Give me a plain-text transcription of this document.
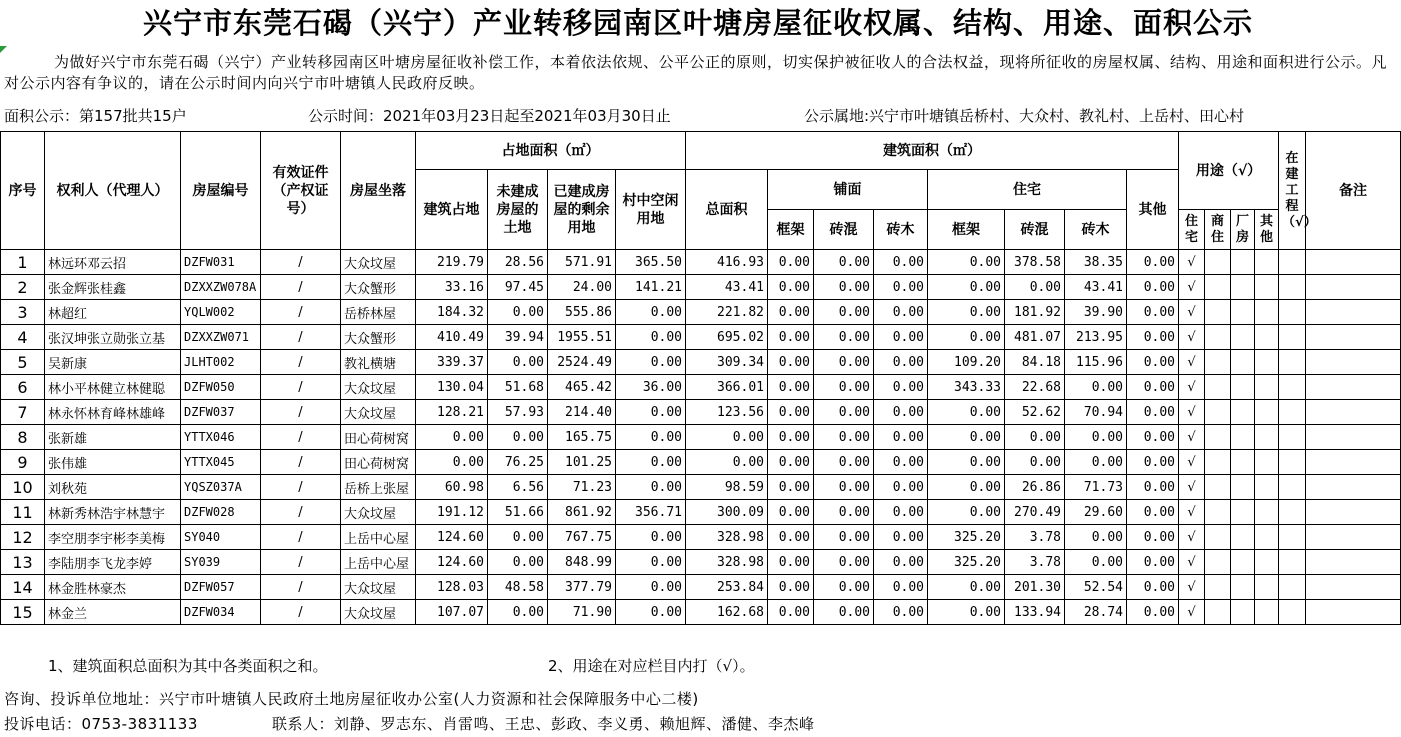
兴宁市东莞石碣（兴宁）产业转移园南区叶塘房屋征收权属、结构、用途、面积公示
为做好兴宁市东莞石碣（兴宁）产业转移园南区叶塘房屋征收补偿工作，本着依法依规、公平公正的原则，切实保护被征收人的合法权益，现将所征收的房屋权属、结构、用途和面积进行公示。凡对公示内容有争议的，请在公示时间内向兴宁市叶塘镇人民政府反映。
面积公示：第157批共15户	公示时间：2021年03月23日起至2021年03月30日止	公示属地:兴宁市叶塘镇岳桥村、大众村、教礼村、上岳村、田心村
序号	权利人（代理人）	房屋编号	有效证件（产权证号）	房屋坐落	占地面积（㎡）				建筑面积（㎡）								用途（√）				在建工程（√）	备注
					建筑占地	未建成房屋的土地	已建成房屋的剩余用地	村中空闲用地	总面积	铺面			住宅			其他						
										框架	砖混	砖木	框架	砖混	砖木		住宅	商住	厂房	其他		
1	林远环邓云招	DZFW031	/	大众坟屋	219.79	28.56	571.91	365.50	416.93	0.00	0.00	0.00	0.00	378.58	38.35	0.00	√					
2	张金辉张桂鑫	DZXXZW078A	/	大众蟹形	33.16	97.45	24.00	141.21	43.41	0.00	0.00	0.00	0.00	0.00	43.41	0.00	√					
3	林超红	YQLW002	/	岳桥林屋	184.32	0.00	555.86	0.00	221.82	0.00	0.00	0.00	0.00	181.92	39.90	0.00	√					
4	张汉坤张立勋张立基	DZXXZW071	/	大众蟹形	410.49	39.94	1955.51	0.00	695.02	0.00	0.00	0.00	0.00	481.07	213.95	0.00	√					
5	吴新康	JLHT002	/	教礼横塘	339.37	0.00	2524.49	0.00	309.34	0.00	0.00	0.00	109.20	84.18	115.96	0.00	√					
6	林小平林健立林健聪	DZFW050	/	大众坟屋	130.04	51.68	465.42	36.00	366.01	0.00	0.00	0.00	343.33	22.68	0.00	0.00	√					
7	林永怀林育峰林雄峰	DZFW037	/	大众坟屋	128.21	57.93	214.40	0.00	123.56	0.00	0.00	0.00	0.00	52.62	70.94	0.00	√					
8	张新雄	YTTX046	/	田心荷树窝	0.00	0.00	165.75	0.00	0.00	0.00	0.00	0.00	0.00	0.00	0.00	0.00	√					
9	张伟雄	YTTX045	/	田心荷树窝	0.00	76.25	101.25	0.00	0.00	0.00	0.00	0.00	0.00	0.00	0.00	0.00	√					
10	刘秋苑	YQSZ037A	/	岳桥上张屋	60.98	6.56	71.23	0.00	98.59	0.00	0.00	0.00	0.00	26.86	71.73	0.00	√					
11	林新秀林浩宇林慧宇	DZFW028	/	大众坟屋	191.12	51.66	861.92	356.71	300.09	0.00	0.00	0.00	0.00	270.49	29.60	0.00	√					
12	李空朋李宇彬李美梅	SY040	/	上岳中心屋	124.60	0.00	767.75	0.00	328.98	0.00	0.00	0.00	325.20	3.78	0.00	0.00	√					
13	李陆朋李飞龙李婷	SY039	/	上岳中心屋	124.60	0.00	848.99	0.00	328.98	0.00	0.00	0.00	325.20	3.78	0.00	0.00	√					
14	林金胜林豪杰	DZFW057	/	大众坟屋	128.03	48.58	377.79	0.00	253.84	0.00	0.00	0.00	0.00	201.30	52.54	0.00	√					
15	林金兰	DZFW034	/	大众坟屋	107.07	0.00	71.90	0.00	162.68	0.00	0.00	0.00	0.00	133.94	28.74	0.00	√					
1、建筑面积总面积为其中各类面积之和。	2、用途在对应栏目内打（√）。
咨询、投诉单位地址：兴宁市叶塘镇人民政府土地房屋征收办公室(人力资源和社会保障服务中心二楼)
投诉电话：0753-3831133	联系人：刘静、罗志东、肖雷鸣、王忠、彭政、李义勇、赖旭辉、潘健、李杰峰
